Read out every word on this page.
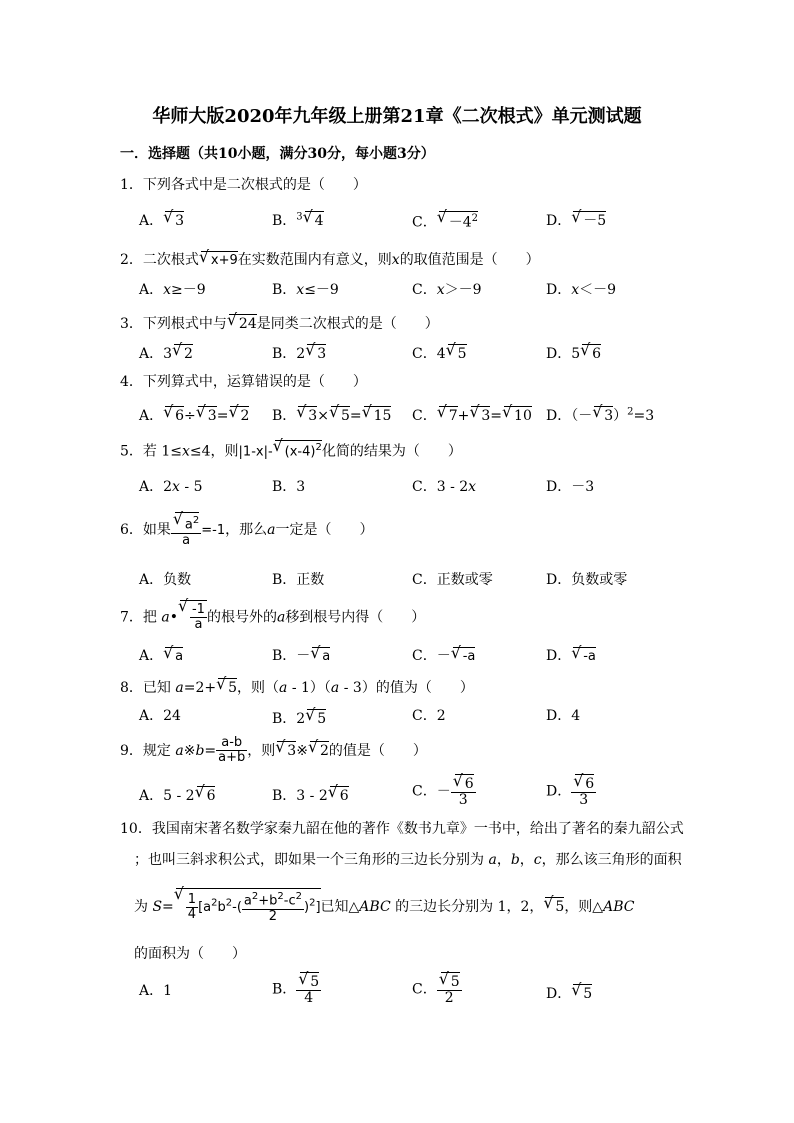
华师大版2020年九年级上册第21章《二次根式》单元测试题
一．选择题（共10小题，满分30分，每小题3分）
1．下列各式中是二次根式的是（　　）
A． √ 3	B．$^3$ √ 4	C． √ $-4^2$	D． √ －5
2．二次根式 √ x+9在实数范围内有意义，则x的取值范围是（　　）
A．x≥－9	B．x≤－9	C．x＞－9	D．x＜－9
3．下列根式中与 √ 24是同类二次根式的是（　　）
A．3 √ 2	B．2 √ 3	C．4 √ 5	D．5 √ 6
4．下列算式中，运算错误的是（　　）
A． √ 6÷ √ 3= √ 2 B． √ 3× √ 5= √ 15 C． √ 7+ √ 3= √ 10 D．（－ √ 3）$^2$=3
5．若 1≤x≤4，则|1-x|- √ $(x-4)^2$化简的结果为（　　）
A．2x - 5	B．3	C．3 - 2x	D．－3
6．如果 √ $\frac{a^2}{a} =-1$，那么a一定是（　　）
A．负数	B．正数	C．正数或零	D．负数或零
7．把 a• √ $\frac{-1}{a}$ 的根号外的a移到根号内得（　　）
A． √ a	B．－ √ a	C．－ √ -a	D． √ -a
8．已知 a=2+ √ 5，则（a - 1）（a - 3）的值为（　　）
A．24	B．2 √ 5	C．2	D．4
9．规定 a※b= $\frac{a-b}{a+b}$ ，则 √ 3※ √ 2的值是（　　）
A．5 - 2 √ 6	B．3 - 2 √ 6	C．－ √ $\frac{6}{3}$	D． √ $\frac{6}{3}$
10．我国南宋著名数学家秦九韶在他的著作《数书九章》一书中，给出了著名的秦九韶公式
；也叫三斜求积公式，即如果一个三角形的三边长分别为 a，b，c，那么该三角形的面积
为 S= √ $\frac{1}{4} [a^2b^2-( \frac{a^2+b^2-c^2}{2} )^2]$已知△ABC 的三边长分别为 1，2， √ 5，则△ABC
的面积为（　　）
A．1	B． √ $\frac{5}{4}$	C． √ $\frac{5}{2}$	D． √ 5
